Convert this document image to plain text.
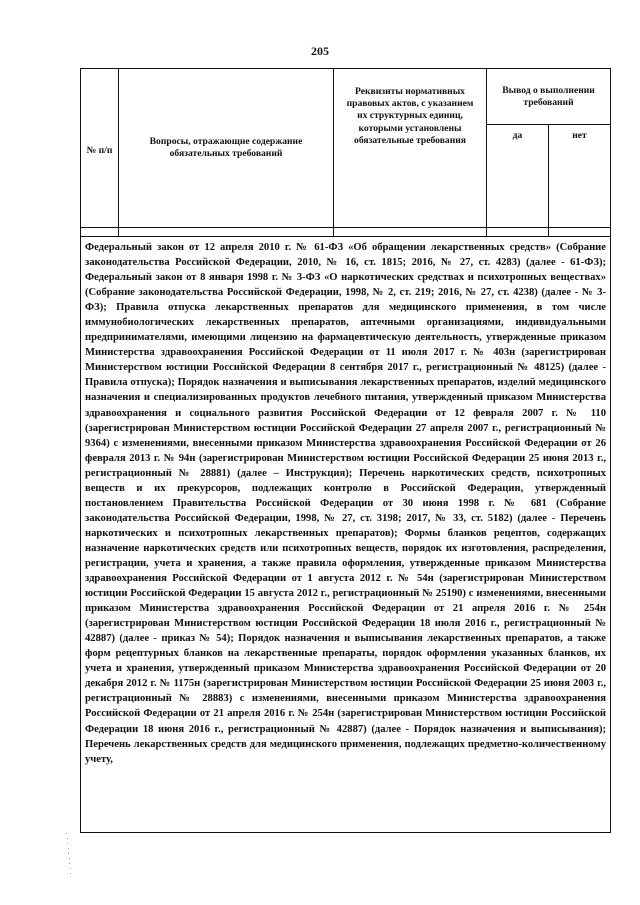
205
№ п/п	Вопросы, отражающие содержание обязательных требований	Реквизиты нормативных правовых актов, с указанием их структурных единиц, которыми установлены обязательные требования	Вывод о выполнении требований	

			да	нет

Федеральный закон от 12 апреля 2010 г. № 61-ФЗ «Об обращении лекарственных средств» (Собрание законодательства Российской Федерации, 2010, № 16, ст. 1815; 2016, № 27, ст. 4283) (далее - 61-ФЗ); Федеральный закон от 8 января 1998 г. № 3-ФЗ «О наркотических средствах и психотропных веществах» (Собрание законодательства Российской Федерации, 1998, № 2, ст. 219; 2016, № 27, ст. 4238) (далее - № 3-ФЗ); Правила отпуска лекарственных препаратов для медицинского применения, в том числе иммунобиологических лекарственных препаратов, аптечными организациями, индивидуальными предпринимателями, имеющими лицензию на фармацевтическую деятельность, утвержденные приказом Министерства здравоохранения Российской Федерации от 11 июля 2017 г. № 403н (зарегистрирован Министерством юстиции Российской Федерации 8 сентября 2017 г., регистрационный № 48125) (далее - Правила отпуска); Порядок назначения и выписывания лекарственных препаратов, изделий медицинского назначения и специализированных продуктов лечебного питания, утвержденный приказом Министерства здравоохранения и социального развития Российской Федерации от 12 февраля 2007 г. № 110 (зарегистрирован Министерством юстиции Российской Федерации 27 апреля 2007 г., регистрационный № 9364) с изменениями, внесенными приказом Министерства здравоохранения Российской Федерации от 26 февраля 2013 г. № 94н (зарегистрирован Министерством юстиции Российской Федерации 25 июня 2013 г., регистрационный № 28881) (далее – Инструкция); Перечень наркотических средств, психотропных веществ и их прекурсоров, подлежащих контролю в Российской Федерации, утвержденный постановлением Правительства Российской Федерации от 30 июня 1998 г. № 681 (Собрание законодательства Российской Федерации, 1998, № 27, ст. 3198; 2017, № 33, ст. 5182) (далее - Перечень наркотических и психотропных лекарственных препаратов); Формы бланков рецептов, содержащих назначение наркотических средств или психотропных веществ, порядок их изготовления, распределения, регистрации, учета и хранения, а также правила оформления, утвержденные приказом Министерства здравоохранения Российской Федерации от 1 августа 2012 г. № 54н (зарегистрирован Министерством юстиции Российской Федерации 15 августа 2012 г., регистрационный № 25190) с изменениями, внесенными приказом Министерства здравоохранения Российской Федерации от 21 апреля 2016 г. № 254н (зарегистрирован Министерством юстиции Российской Федерации 18 июля 2016 г., регистрационный № 42887) (далее - приказ № 54); Порядок назначения и выписывания лекарственных препаратов, а также форм рецептурных бланков на лекарственные препараты, порядок оформления указанных бланков, их учета и хранения, утвержденный приказом Министерства здравоохранения Российской Федерации от 20 декабря 2012 г. № 1175н (зарегистрирован Министерством юстиции Российской Федерации 25 июня 2003 г., регистрационный № 28883) с изменениями, внесенными приказом Министерства здравоохранения Российской Федерации от 21 апреля 2016 г. № 254н (зарегистрирован Министерством юстиции Российской Федерации 18 июня 2016 г., регистрационный № 42887) (далее - Порядок назначения и выписывания); Перечень лекарственных средств для медицинского применения, подлежащих предметно-количественному учету,				
